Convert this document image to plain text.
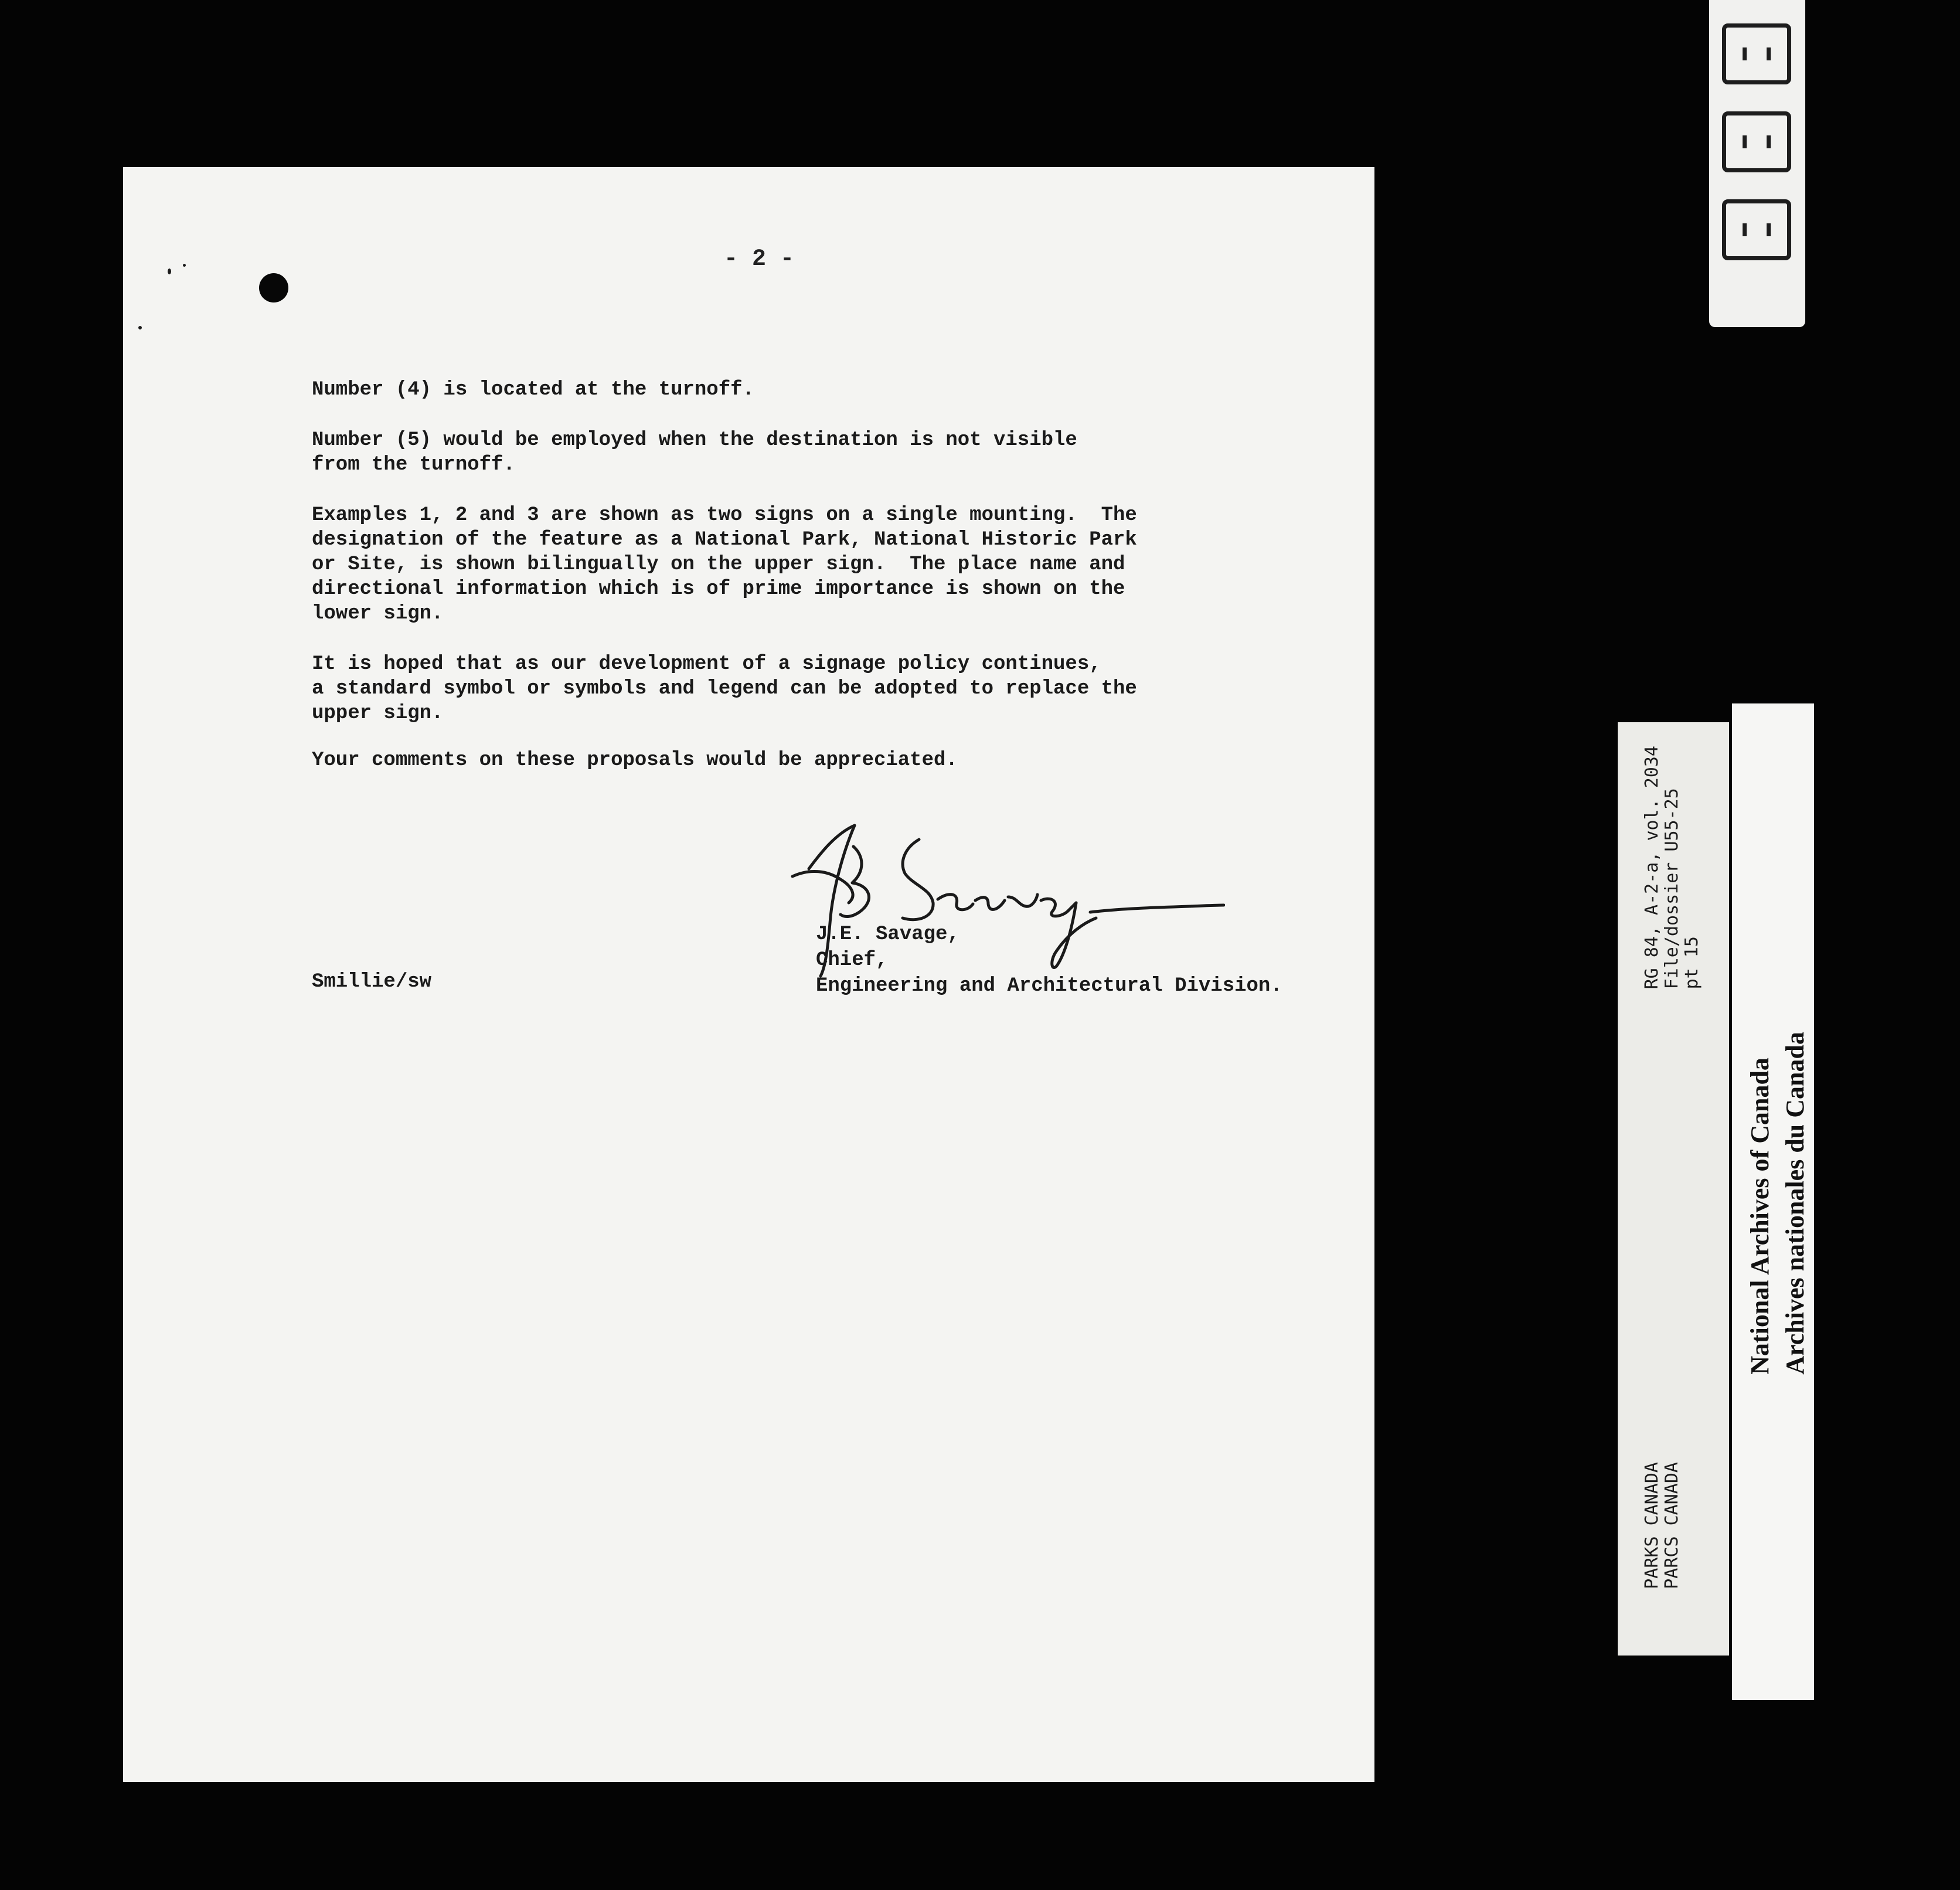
- 2 -

Number (4) is located at the turnoff.

Number (5) would be employed when the destination is not visible
from the turnoff.

Examples 1, 2 and 3 are shown as two signs on a single mounting.  The
designation of the feature as a National Park, National Historic Park
or Site, is shown bilingually on the upper sign.  The place name and
directional information which is of prime importance is shown on the
lower sign.

It is hoped that as our development of a signage policy continues,
a standard symbol or symbols and legend can be adopted to replace the
upper sign.

Your comments on these proposals would be appreciated.

J.E. Savage,
Chief,
Engineering and Architectural Division.
Smillie/sw	RG 84, A-2-a, vol. 2034
File/dossier U55-25
pt 15
PARKS CANADA
PARCS CANADA
National Archives of Canada Archives nationales du Canada
